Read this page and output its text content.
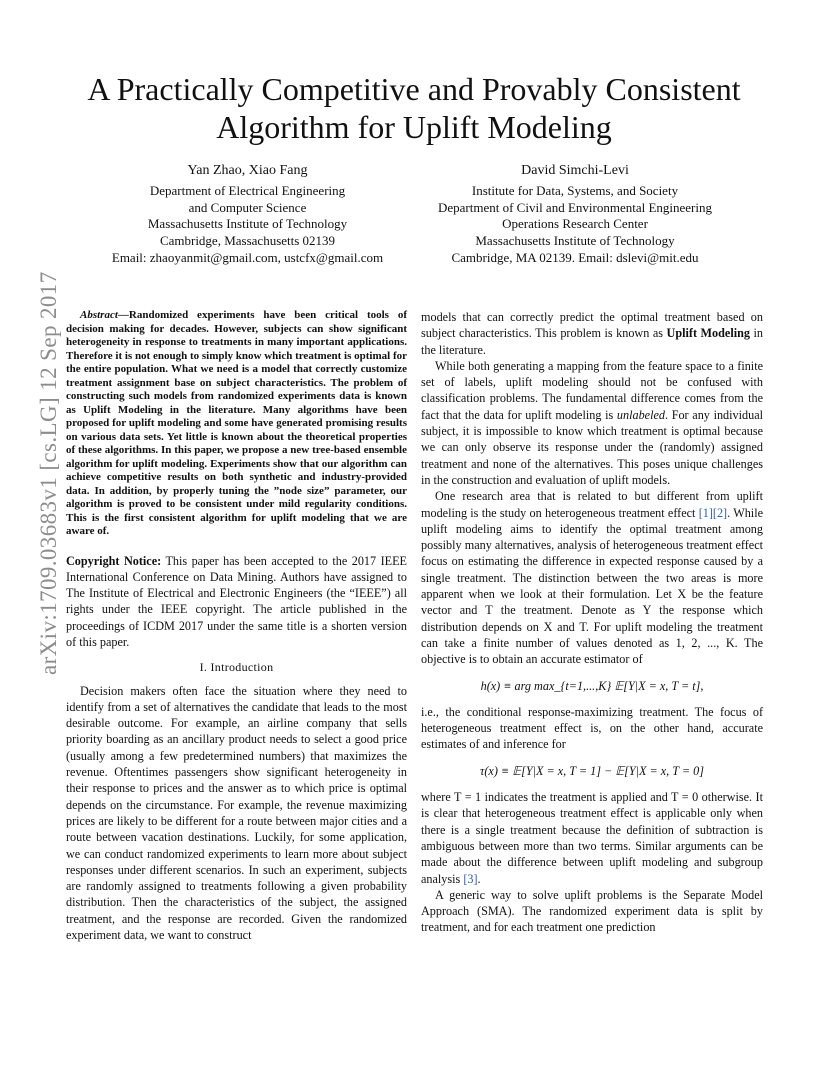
A Practically Competitive and Provably Consistent Algorithm for Uplift Modeling
Yan Zhao, Xiao Fang
Department of Electrical Engineering
and Computer Science
Massachusetts Institute of Technology
Cambridge, Massachusetts 02139
Email: zhaoyanmit@gmail.com, ustcfx@gmail.com
David Simchi-Levi
Institute for Data, Systems, and Society
Department of Civil and Environmental Engineering
Operations Research Center
Massachusetts Institute of Technology
Cambridge, MA 02139. Email: dslevi@mit.edu
arXiv:1709.03683v1 [cs.LG] 12 Sep 2017	Abstract—Randomized experiments have been critical tools of decision making for decades. However, subjects can show significant heterogeneity in response to treatments in many important applications. Therefore it is not enough to simply know which treatment is optimal for the entire population. What we need is a model that correctly customize treatment assignment base on subject characteristics. The problem of constructing such models from randomized experiments data is known as Uplift Modeling in the literature. Many algorithms have been proposed for uplift modeling and some have generated promising results on various data sets. Yet little is known about the theoretical properties of these algorithms. In this paper, we propose a new tree-based ensemble algorithm for uplift modeling. Experiments show that our algorithm can achieve competitive results on both synthetic and industry-provided data. In addition, by properly tuning the ”node size” parameter, our algorithm is proved to be consistent under mild regularity conditions. This is the first consistent algorithm for uplift modeling that we are aware of.

Copyright Notice: This paper has been accepted to the 2017 IEEE International Conference on Data Mining. Authors have assigned to The Institute of Electrical and Electronic Engineers (the “IEEE”) all rights under the IEEE copyright. The article published in the proceedings of ICDM 2017 under the same title is a shorten version of this paper.

I. Introduction

Decision makers often face the situation where they need to identify from a set of alternatives the candidate that leads to the most desirable outcome. For example, an airline company that sells priority boarding as an ancillary product needs to select a good price (usually among a few predetermined numbers) that maximizes the revenue. Oftentimes passengers show significant heterogeneity in their response to prices and the answer as to which price is optimal depends on the circumstance. For example, the revenue maximizing prices are likely to be different for a route between major cities and a route between vacation destinations. Luckily, for some application, we can conduct randomized experiments to learn more about subject responses under different scenarios. In such an experiment, subjects are randomly assigned to treatments following a given probability distribution. Then the characteristics of the subject, the assigned treatment, and the response are recorded. Given the randomized experiment data, we want to construct

models that can correctly predict the optimal treatment based on subject characteristics. This problem is known as Uplift Modeling in the literature.

While both generating a mapping from the feature space to a finite set of labels, uplift modeling should not be confused with classification problems. The fundamental difference comes from the fact that the data for uplift modeling is unlabeled. For any individual subject, it is impossible to know which treatment is optimal because we can only observe its response under the (randomly) assigned treatment and none of the alternatives. This poses unique challenges in the construction and evaluation of uplift models.

One research area that is related to but different from uplift modeling is the study on heterogeneous treatment effect [1][2]. While uplift modeling aims to identify the optimal treatment among possibly many alternatives, analysis of heterogeneous treatment effect focus on estimating the difference in expected response caused by a single treatment. The distinction between the two areas is more apparent when we look at their formulation. Let X be the feature vector and T the treatment. Denote as Y the response which distribution depends on X and T. For uplift modeling the treatment can take a finite number of values denoted as 1, 2, ..., K. The objective is to obtain an accurate estimator of

h(x) ≡ arg max_{t=1,...,K} 𝔼[Y|X = x, T = t],

i.e., the conditional response-maximizing treatment. The focus of heterogeneous treatment effect is, on the other hand, accurate estimates of and inference for

τ(x) ≡ 𝔼[Y|X = x, T = 1] − 𝔼[Y|X = x, T = 0]

where T = 1 indicates the treatment is applied and T = 0 otherwise. It is clear that heterogeneous treatment effect is applicable only when there is a single treatment because the definition of subtraction is ambiguous between more than two terms. Similar arguments can be made about the difference between uplift modeling and subgroup analysis [3].

A generic way to solve uplift problems is the Separate Model Approach (SMA). The randomized experiment data is split by treatment, and for each treatment one prediction
